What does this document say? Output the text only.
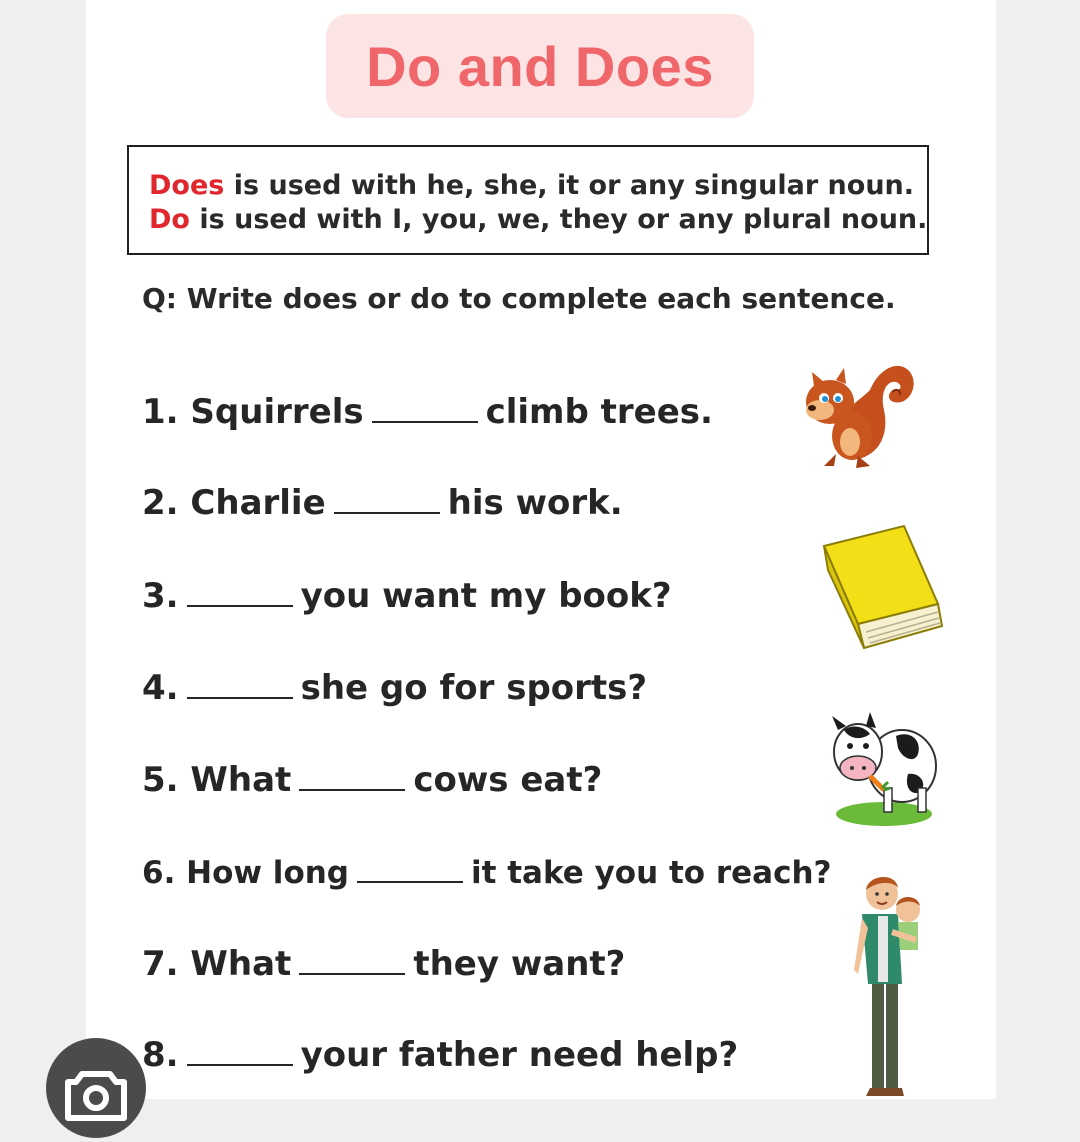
Do and Does
Does is used with he, she, it or any singular noun.
Do is used with I, you, we, they or any plural noun.
Q: Write does or do to complete each sentence.
1. Squirrels	climb trees.
2. Charlie	his work.
3.	you want my book?
4.	she go for sports?
5. What	cows eat?
6. How long	it take you to reach?
7. What	they want?
8.	your father need help?
